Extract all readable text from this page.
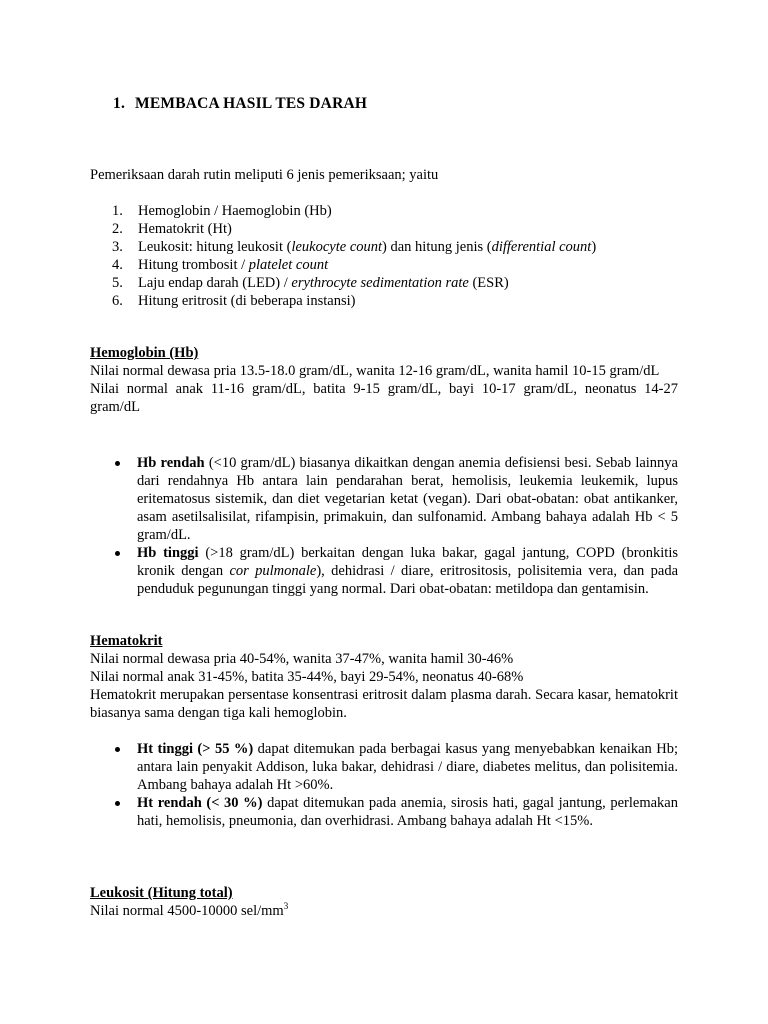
1. MEMBACA HASIL TES DARAH

Pemeriksaan darah rutin meliputi 6 jenis pemeriksaan; yaitu

1. Hemoglobin / Haemoglobin (Hb)
2. Hematokrit (Ht)
3. Leukosit: hitung leukosit (leukocyte count) dan hitung jenis (differential count)
4. Hitung trombosit / platelet count
5. Laju endap darah (LED) / erythrocyte sedimentation rate (ESR)
6. Hitung eritrosit (di beberapa instansi)

Hemoglobin (Hb)

Nilai normal dewasa pria 13.5-18.0 gram/dL, wanita 12-16 gram/dL, wanita hamil 10-15 gram/dL

Nilai normal anak 11-16 gram/dL, batita 9-15 gram/dL, bayi 10-17 gram/dL, neonatus 14-27 gram/dL

Hb rendah (<10 gram/dL) biasanya dikaitkan dengan anemia defisiensi besi. Sebab lainnya dari rendahnya Hb antara lain pendarahan berat, hemolisis, leukemia leukemik, lupus eritematosus sistemik, dan diet vegetarian ketat (vegan). Dari obat-obatan: obat antikanker, asam asetilsalisilat, rifampisin, primakuin, dan sulfonamid. Ambang bahaya adalah Hb < 5 gram/dL.
Hb tinggi (>18 gram/dL) berkaitan dengan luka bakar, gagal jantung, COPD (bronkitis kronik dengan cor pulmonale), dehidrasi / diare, eritrositosis, polisitemia vera, dan pada penduduk pegunungan tinggi yang normal. Dari obat-obatan: metildopa dan gentamisin.

Hematokrit

Nilai normal dewasa pria 40-54%, wanita 37-47%, wanita hamil 30-46%

Nilai normal anak 31-45%, batita 35-44%, bayi 29-54%, neonatus 40-68%

Hematokrit merupakan persentase konsentrasi eritrosit dalam plasma darah. Secara kasar, hematokrit biasanya sama dengan tiga kali hemoglobin.

Ht tinggi (> 55 %) dapat ditemukan pada berbagai kasus yang menyebabkan kenaikan Hb; antara lain penyakit Addison, luka bakar, dehidrasi / diare, diabetes melitus, dan polisitemia. Ambang bahaya adalah Ht >60%.
Ht rendah (< 30 %) dapat ditemukan pada anemia, sirosis hati, gagal jantung, perlemakan hati, hemolisis, pneumonia, dan overhidrasi. Ambang bahaya adalah Ht <15%.

Leukosit (Hitung total)

Nilai normal 4500-10000 sel/$mm^3$
